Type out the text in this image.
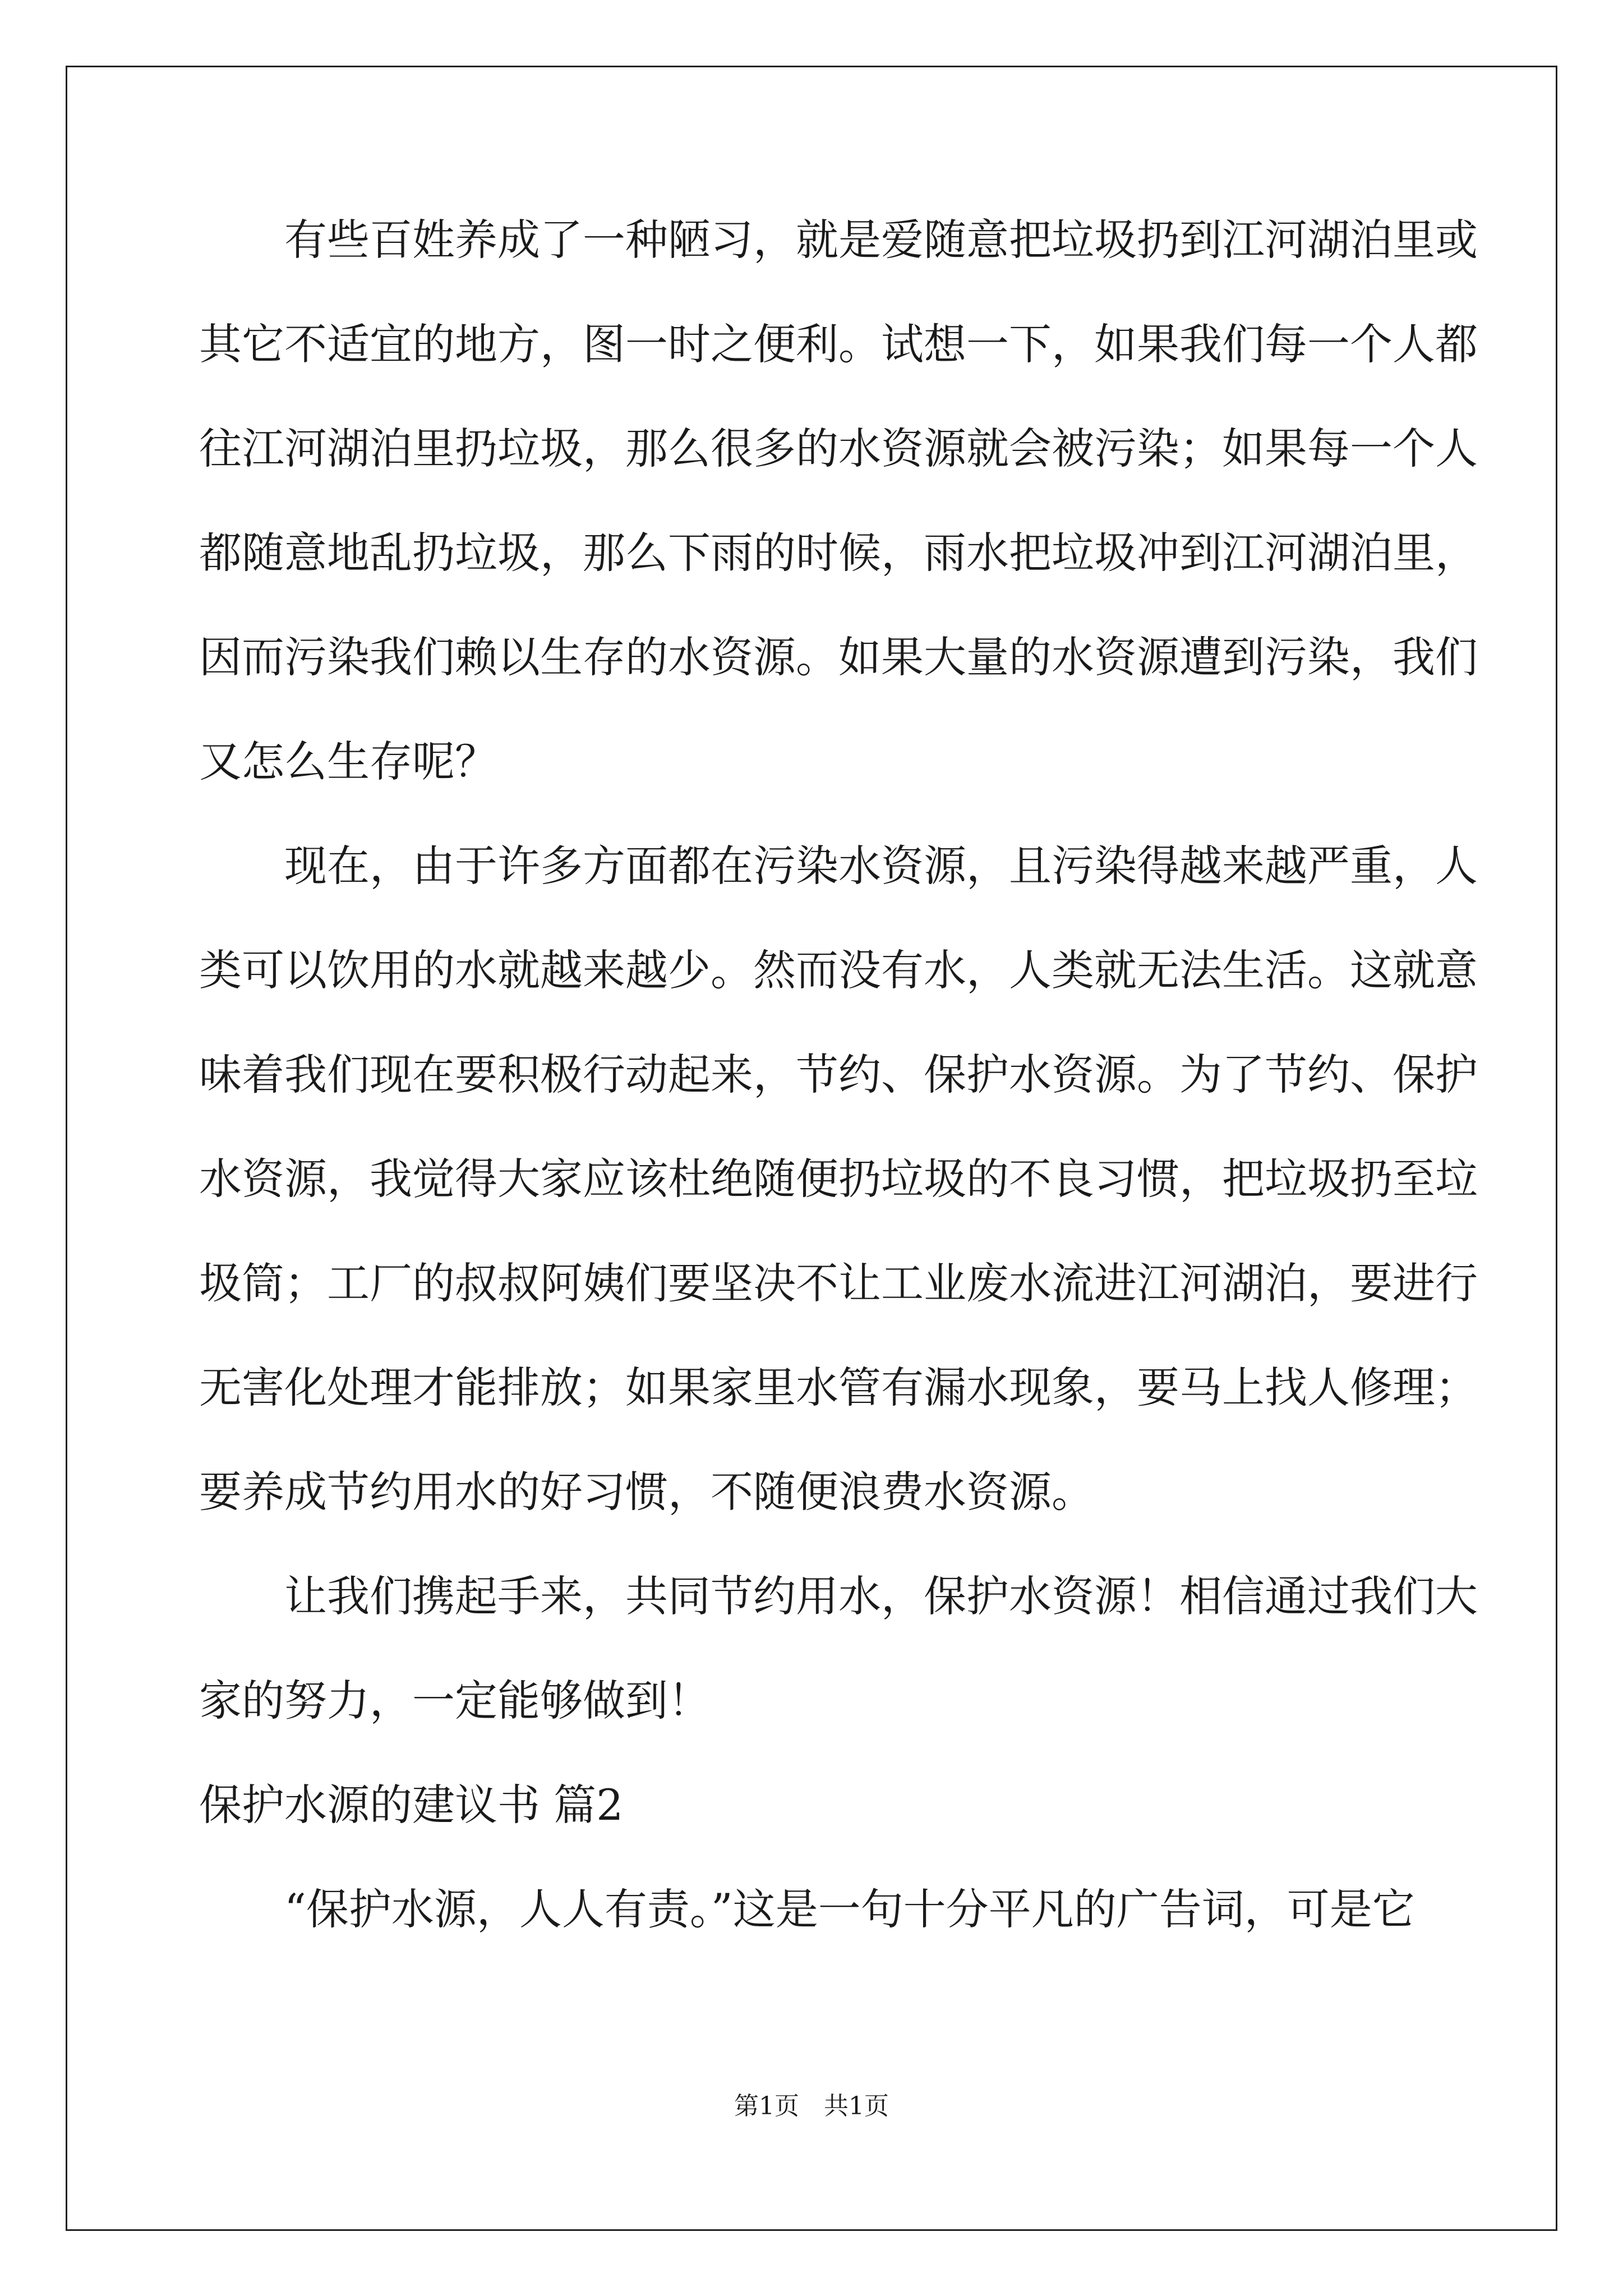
　　有些百姓养成了一种陋习，就是爱随意把垃圾扔到江河湖泊里或
其它不适宜的地方，图一时之便利。试想一下，如果我们每一个人都
往江河湖泊里扔垃圾，那么很多的水资源就会被污染；如果每一个人
都随意地乱扔垃圾，那么下雨的时候，雨水把垃圾冲到江河湖泊里，
因而污染我们赖以生存的水资源。如果大量的水资源遭到污染，我们
又怎么生存呢？
　　现在，由于许多方面都在污染水资源，且污染得越来越严重，人
类可以饮用的水就越来越少。然而没有水，人类就无法生活。这就意
味着我们现在要积极行动起来，节约、保护水资源。为了节约、保护
水资源，我觉得大家应该杜绝随便扔垃圾的不良习惯，把垃圾扔至垃
圾筒；工厂的叔叔阿姨们要坚决不让工业废水流进江河湖泊，要进行
无害化处理才能排放；如果家里水管有漏水现象，要马上找人修理；
要养成节约用水的好习惯，不随便浪费水资源。
　　让我们携起手来，共同节约用水，保护水资源！相信通过我们大
家的努力，一定能够做到！
保护水源的建议书 篇2
　　“保护水源，人人有责。”这是一句十分平凡的广告词，可是它
第1页　共1页
